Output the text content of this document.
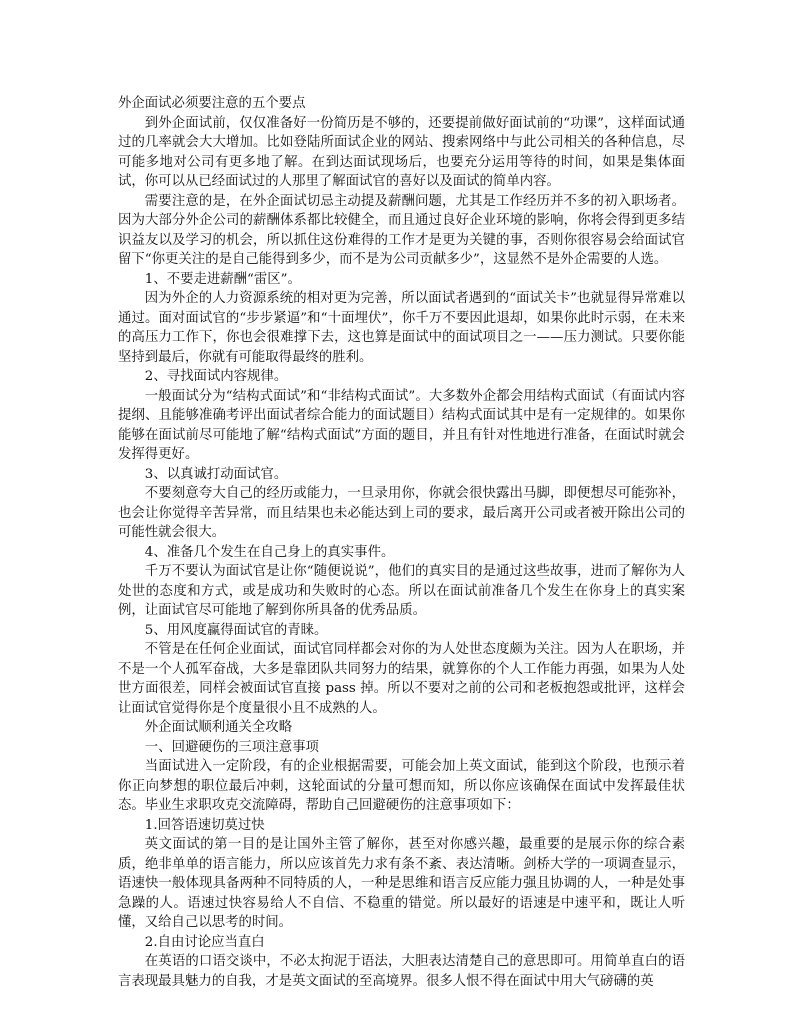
外企面试必须要注意的五个要点

到外企面试前，仅仅准备好一份简历是不够的，还要提前做好面试前的“功课”，这样面试通过的几率就会大大增加。比如登陆所面试企业的网站、搜索网络中与此公司相关的各种信息，尽可能多地对公司有更多地了解。在到达面试现场后，也要充分运用等待的时间，如果是集体面试，你可以从已经面试过的人那里了解面试官的喜好以及面试的简单内容。

需要注意的是，在外企面试切忌主动提及薪酬问题，尤其是工作经历并不多的初入职场者。因为大部分外企公司的薪酬体系都比较健全，而且通过良好企业环境的影响，你将会得到更多结识益友以及学习的机会，所以抓住这份难得的工作才是更为关键的事，否则你很容易会给面试官留下“你更关注的是自己能得到多少，而不是为公司贡献多少”，这显然不是外企需要的人选。

1、不要走进薪酬“雷区”。

因为外企的人力资源系统的相对更为完善，所以面试者遇到的“面试关卡”也就显得异常难以通过。面对面试官的“步步紧逼”和“十面埋伏”，你千万不要因此退却，如果你此时示弱，在未来的高压力工作下，你也会很难撑下去，这也算是面试中的面试项目之一——压力测试。只要你能坚持到最后，你就有可能取得最终的胜利。

2、寻找面试内容规律。

一般面试分为“结构式面试”和“非结构式面试”。大多数外企都会用结构式面试（有面试内容提纲、且能够准确考评出面试者综合能力的面试题目）结构式面试其中是有一定规律的。如果你能够在面试前尽可能地了解“结构式面试”方面的题目，并且有针对性地进行准备，在面试时就会发挥得更好。

3、以真诚打动面试官。

不要刻意夸大自己的经历或能力，一旦录用你，你就会很快露出马脚，即便想尽可能弥补，也会让你觉得辛苦异常，而且结果也未必能达到上司的要求，最后离开公司或者被开除出公司的可能性就会很大。

4、准备几个发生在自己身上的真实事件。

千万不要认为面试官是让你“随便说说”，他们的真实目的是通过这些故事，进而了解你为人处世的态度和方式，或是成功和失败时的心态。所以在面试前准备几个发生在你身上的真实案例，让面试官尽可能地了解到你所具备的优秀品质。

5、用风度赢得面试官的青睐。

不管是在任何企业面试，面试官同样都会对你的为人处世态度颇为关注。因为人在职场，并不是一个人孤军奋战，大多是靠团队共同努力的结果，就算你的个人工作能力再强，如果为人处世方面很差，同样会被面试官直接 pass 掉。所以不要对之前的公司和老板抱怨或批评，这样会让面试官觉得你是个度量很小且不成熟的人。

外企面试顺利通关全攻略

一、回避硬伤的三项注意事项

当面试进入一定阶段，有的企业根据需要，可能会加上英文面试，能到这个阶段，也预示着你正向梦想的职位最后冲刺，这轮面试的分量可想而知，所以你应该确保在面试中发挥最佳状态。毕业生求职攻克交流障碍，帮助自己回避硬伤的注意事项如下：

1.回答语速切莫过快

英文面试的第一目的是让国外主管了解你，甚至对你感兴趣，最重要的是展示你的综合素质，绝非单单的语言能力，所以应该首先力求有条不紊、表达清晰。剑桥大学的一项调查显示，语速快一般体现具备两种不同特质的人，一种是思维和语言反应能力强且协调的人，一种是处事急躁的人。语速过快容易给人不自信、不稳重的错觉。所以最好的语速是中速平和，既让人听懂，又给自己以思考的时间。

2.自由讨论应当直白

在英语的口语交谈中，不必太拘泥于语法，大胆表达清楚自己的意思即可。用简单直白的语言表现最具魅力的自我，才是英文面试的至高境界。很多人恨不得在面试中用大气磅礴的英
